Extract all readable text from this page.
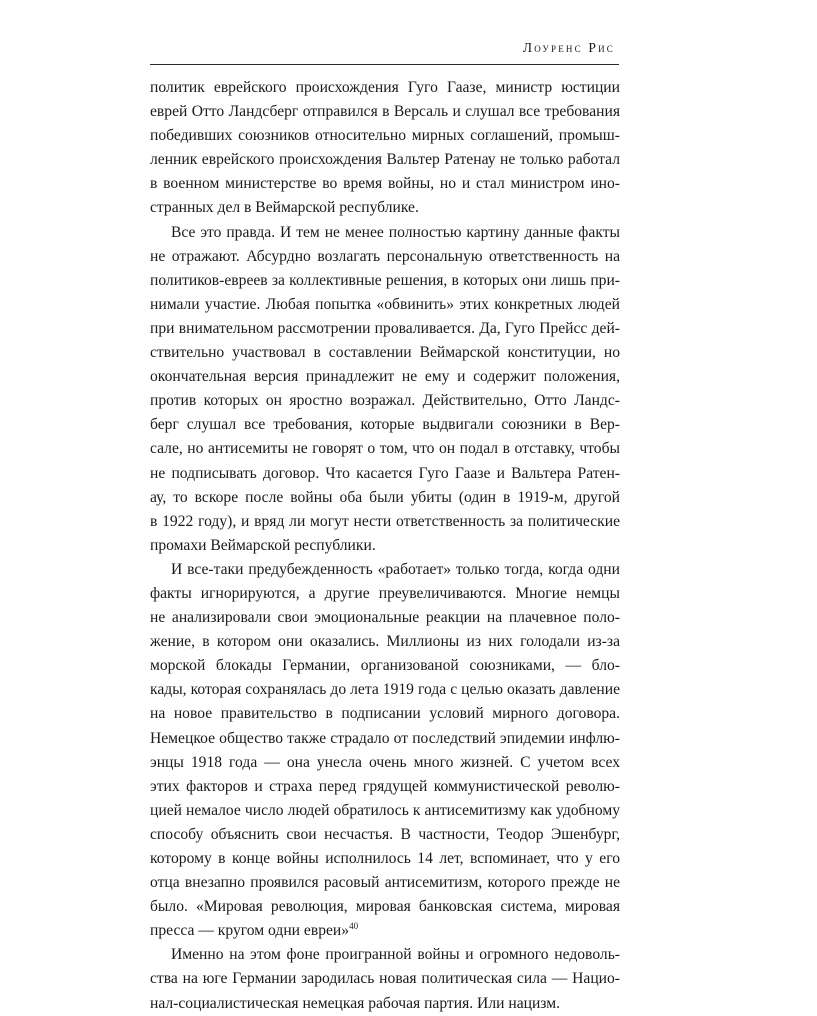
Лоуренс Рис

политик еврейского происхождения Гуго Гаазе, министр юстиции
еврей Отто Ландсберг отправился в Версаль и слушал все требования
победивших союзников относительно мирных соглашений, промыш-
ленник еврейского происхождения Вальтер Ратенау не только работал
в военном министерстве во время войны, но и стал министром ино-
странных дел в Веймарской республике.

Все это правда. И тем не менее полностью картину данные факты
не отражают. Абсурдно возлагать персональную ответственность на
политиков-евреев за коллективные решения, в которых они лишь при-
нимали участие. Любая попытка «обвинить» этих конкретных людей
при внимательном рассмотрении проваливается. Да, Гуго Прейсс дей-
ствительно участвовал в составлении Веймарской конституции, но
окончательная версия принадлежит не ему и содержит положения,
против которых он яростно возражал. Действительно, Отто Ландс-
берг слушал все требования, которые выдвигали союзники в Вер-
сале, но антисемиты не говорят о том, что он подал в отставку, чтобы
не подписывать договор. Что касается Гуго Гаазе и Вальтера Ратен-
ау, то вскоре после войны оба были убиты (один в 1919-м, другой
в 1922 году), и вряд ли могут нести ответственность за политические
промахи Веймарской республики.

И все-таки предубежденность «работает» только тогда, когда одни
факты игнорируются, а другие преувеличиваются. Многие немцы
не анализировали свои эмоциональные реакции на плачевное поло-
жение, в котором они оказались. Миллионы из них голодали из-за
морской блокады Германии, организованой союзниками, — бло-
кады, которая сохранялась до лета 1919 года с целью оказать давление
на новое правительство в подписании условий мирного договора.
Немецкое общество также страдало от последствий эпидемии инфлю-
энцы 1918 года — она унесла очень много жизней. С учетом всех
этих факторов и страха перед грядущей коммунистической револю-
цией немалое число людей обратилось к антисемитизму как удобному
способу объяснить свои несчастья. В частности, Теодор Эшенбург,
которому в конце войны исполнилось 14 лет, вспоминает, что у его
отца внезапно проявился расовый антисемитизм, которого прежде не
было. «Мировая революция, мировая банковская система, мировая
пресса — кругом одни евреи»$^{40}$

Именно на этом фоне проигранной войны и огромного недоволь-
ства на юге Германии зародилась новая политическая сила — Нацио-
нал-социалистическая немецкая рабочая партия. Или нацизм.
